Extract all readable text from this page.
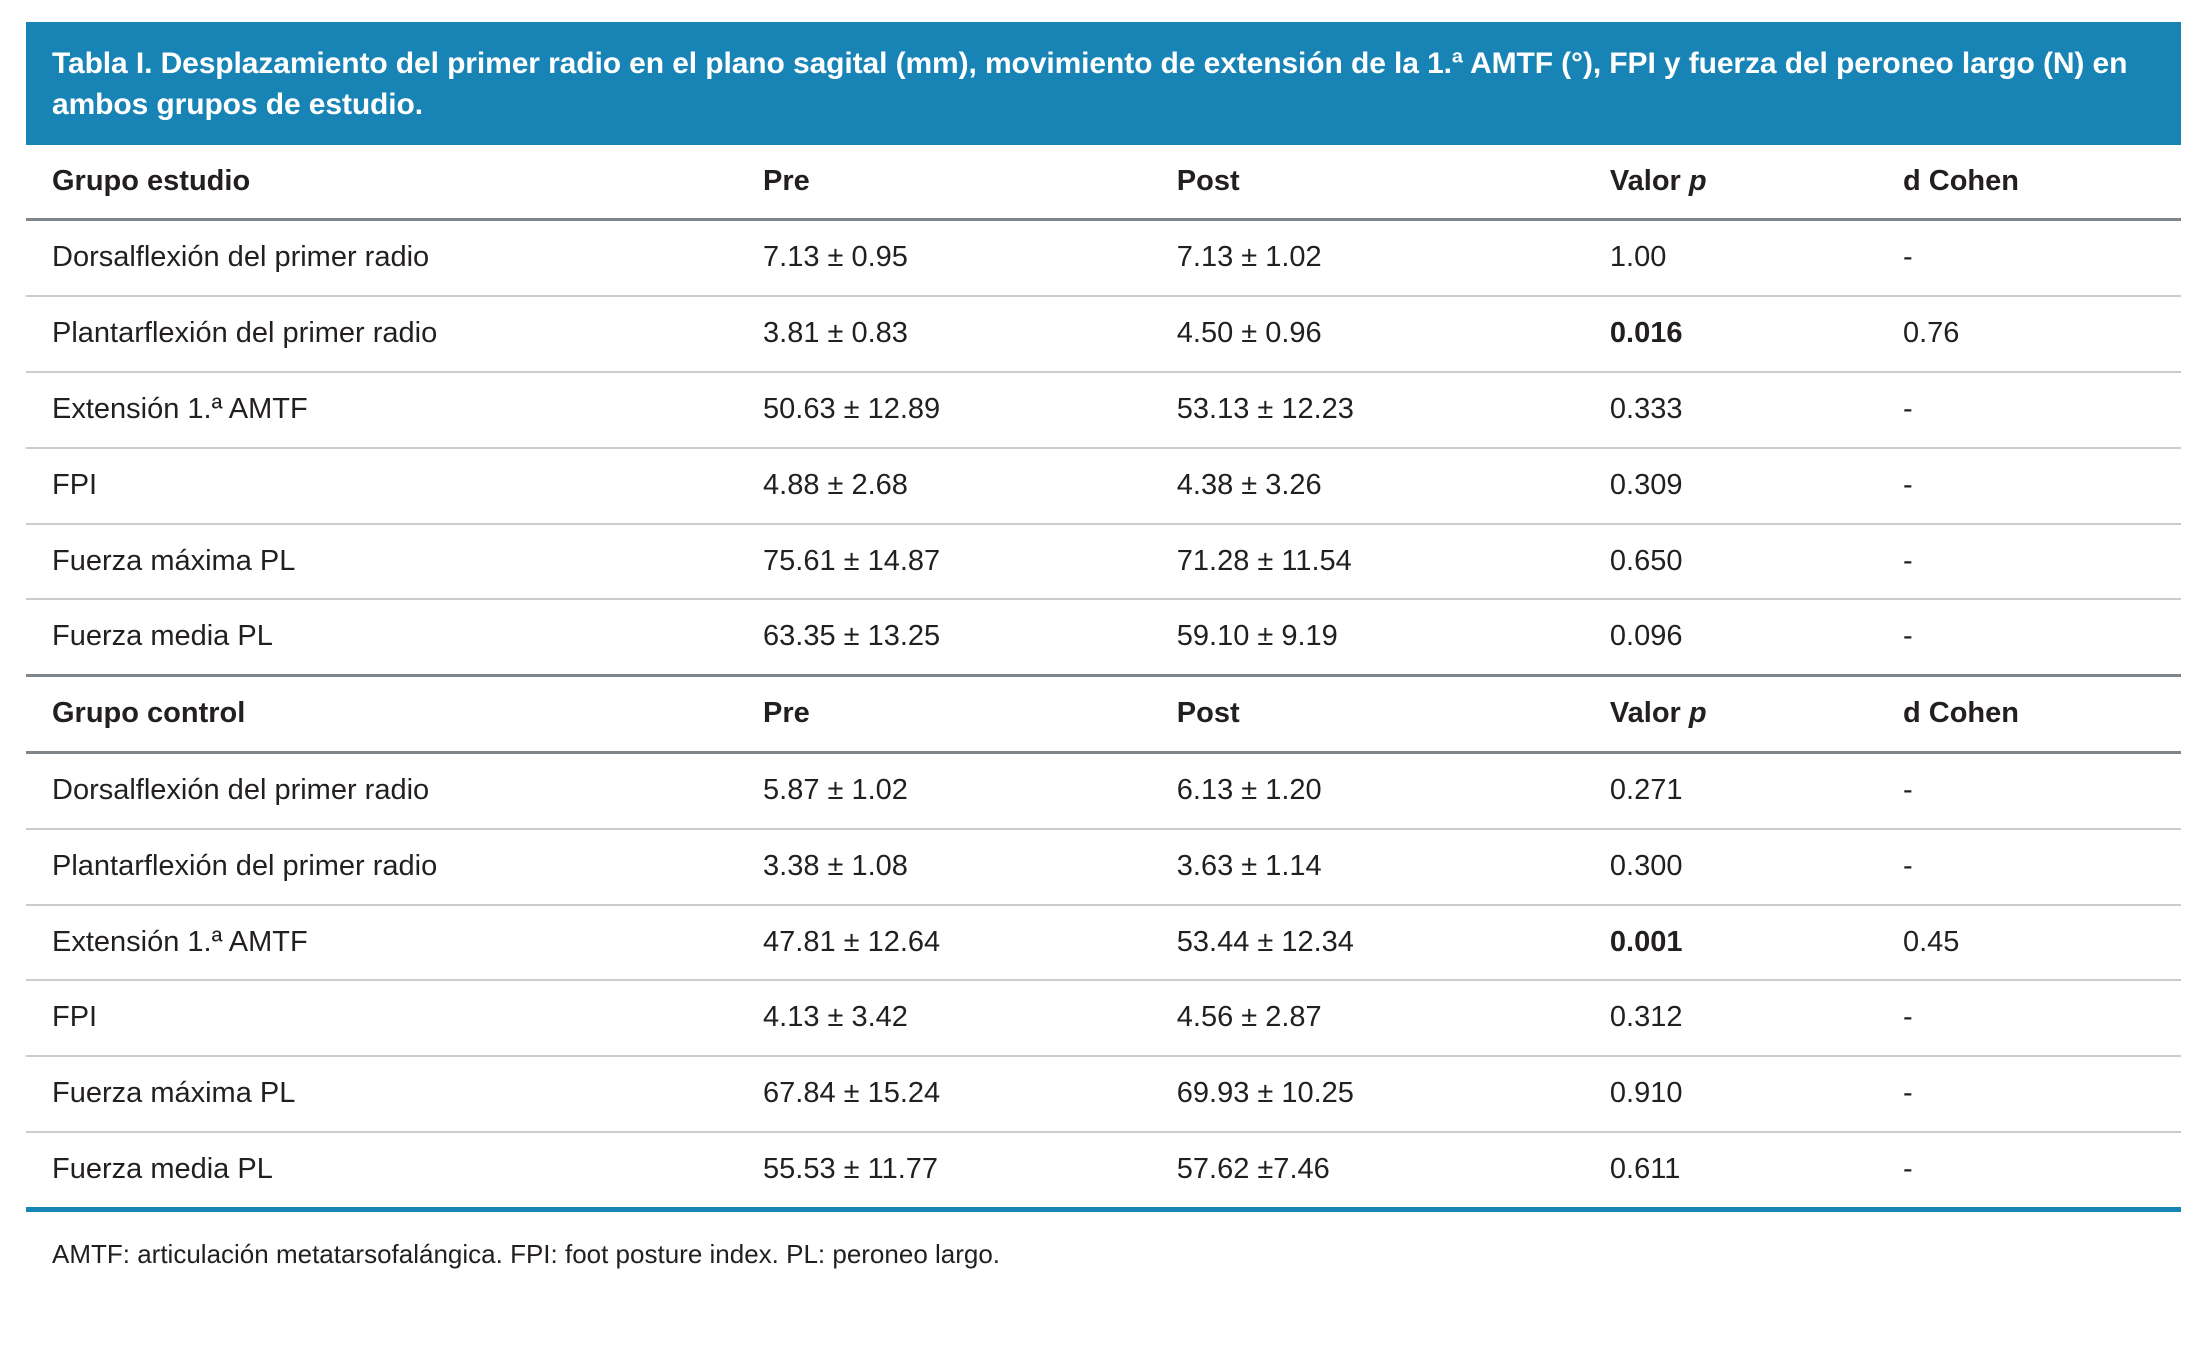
Tabla I. Desplazamiento del primer radio en el plano sagital (mm), movimiento de extensión de la 1.ª AMTF (°), FPI y fuerza del peroneo largo (N) en ambos grupos de estudio.
Grupo estudio	Pre	Post	Valor p	d Cohen
Dorsalflexión del primer radio	7.13 ± 0.95	7.13 ± 1.02	1.00	-
Plantarflexión del primer radio	3.81 ± 0.83	4.50 ± 0.96	0.016	0.76
Extensión 1.ª AMTF	50.63 ± 12.89	53.13 ± 12.23	0.333	-
FPI	4.88 ± 2.68	4.38 ± 3.26	0.309	-
Fuerza máxima PL	75.61 ± 14.87	71.28 ± 11.54	0.650	-
Fuerza media PL	63.35 ± 13.25	59.10 ± 9.19	0.096	-
Grupo control	Pre	Post	Valor p	d Cohen
Dorsalflexión del primer radio	5.87 ± 1.02	6.13 ± 1.20	0.271	-
Plantarflexión del primer radio	3.38 ± 1.08	3.63 ± 1.14	0.300	-
Extensión 1.ª AMTF	47.81 ± 12.64	53.44 ± 12.34	0.001	0.45
FPI	4.13 ± 3.42	4.56 ± 2.87	0.312	-
Fuerza máxima PL	67.84 ± 15.24	69.93 ± 10.25	0.910	-
Fuerza media PL	55.53 ± 11.77	57.62 ±7.46	0.611	-
AMTF: articulación metatarsofalángica. FPI: foot posture index. PL: peroneo largo.
